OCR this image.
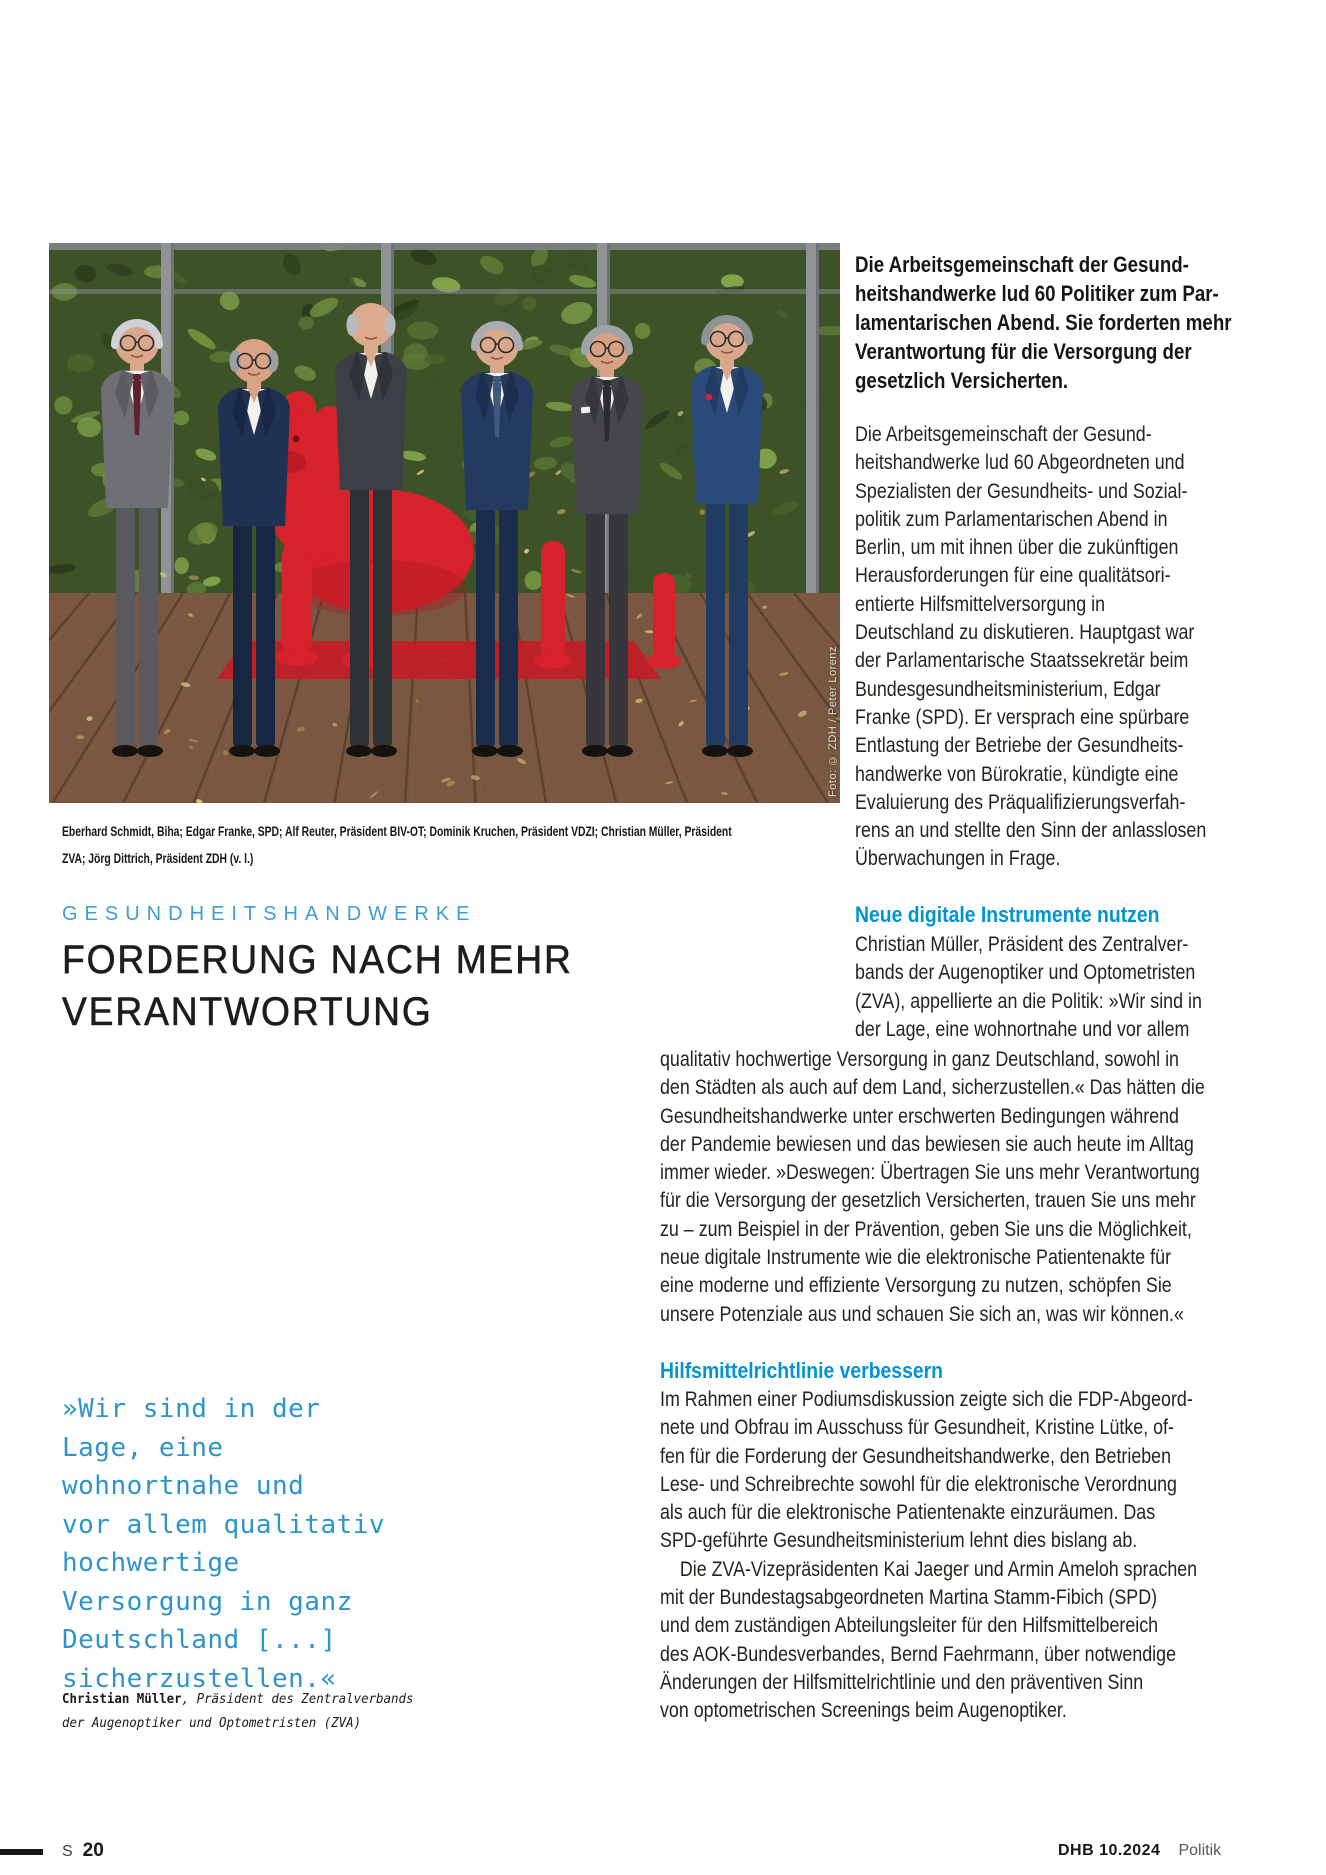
Foto: © ZDH / Peter Lorenz
Eberhard Schmidt, Biha; Edgar Franke, SPD; Alf Reuter, Präsident BIV-OT; Dominik Kruchen, Präsident VDZI; Christian Müller, Präsident
ZVA; Jörg Dittrich, Präsident ZDH (v. l.)
GESUNDHEITSHANDWERKE
FORDERUNG NACH MEHR
VERANTWORTUNG
Die Arbeitsgemeinschaft der Gesund-
heitshandwerke lud 60 Politiker zum Par-
lamentarischen Abend. Sie forderten mehr
Verantwortung für die Versorgung der
gesetzlich Versicherten.
Die Arbeitsgemeinschaft der Gesund-
heitshandwerke lud 60 Abgeordneten und
Spezialisten der Gesundheits- und Sozial-
politik zum Parlamentarischen Abend in
Berlin, um mit ihnen über die zukünftigen
Herausforderungen für eine qualitätsori-
entierte Hilfsmittelversorgung in
Deutschland zu diskutieren. Hauptgast war
der Parlamentarische Staatssekretär beim
Bundesgesundheitsministerium, Edgar
Franke (SPD). Er versprach eine spürbare
Entlastung der Betriebe der Gesundheits-
handwerke von Bürokratie, kündigte eine
Evaluierung des Präqualifizierungsverfah-
rens an und stellte den Sinn der anlasslosen
Überwachungen in Frage.
Neue digitale Instrumente nutzen
Christian Müller, Präsident des Zentralver-
bands der Augenoptiker und Optometristen
(ZVA), appellierte an die Politik: »Wir sind in
der Lage, eine wohnortnahe und vor allem
qualitativ hochwertige Versorgung in ganz Deutschland, sowohl in
den Städten als auch auf dem Land, sicherzustellen.« Das hätten die
Gesundheitshandwerke unter erschwerten Bedingungen während
der Pandemie bewiesen und das bewiesen sie auch heute im Alltag
immer wieder. »Deswegen: Übertragen Sie uns mehr Verantwortung
für die Versorgung der gesetzlich Versicherten, trauen Sie uns mehr
zu – zum Beispiel in der Prävention, geben Sie uns die Möglichkeit,
neue digitale Instrumente wie die elektronische Patientenakte für
eine moderne und effiziente Versorgung zu nutzen, schöpfen Sie
unsere Potenziale aus und schauen Sie sich an, was wir können.«
Hilfsmittelrichtlinie verbessern
Im Rahmen einer Podiumsdiskussion zeigte sich die FDP-Abgeord-
nete und Obfrau im Ausschuss für Gesundheit, Kristine Lütke, of-
fen für die Forderung der Gesundheitshandwerke, den Betrieben
Lese- und Schreibrechte sowohl für die elektronische Verordnung
als auch für die elektronische Patientenakte einzuräumen. Das
SPD-geführte Gesundheitsministerium lehnt dies bislang ab.
Die ZVA-Vizepräsidenten Kai Jaeger und Armin Ameloh sprachen
mit der Bundestagsabgeordneten Martina Stamm-Fibich (SPD)
und dem zuständigen Abteilungsleiter für den Hilfsmittelbereich
des AOK-Bundesverbandes, Bernd Faehrmann, über notwendige
Änderungen der Hilfsmittelrichtlinie und den präventiven Sinn
von optometrischen Screenings beim Augenoptiker.
»Wir sind in der
Lage, eine
wohnortnahe und
vor allem qualitativ
hochwertige
Versorgung in ganz
Deutschland [...]
sicherzustellen.«
Christian Müller, Präsident des Zentralverbands
der Augenoptiker und Optometristen (ZVA)
S 20	DHB 10.2024 Politik
